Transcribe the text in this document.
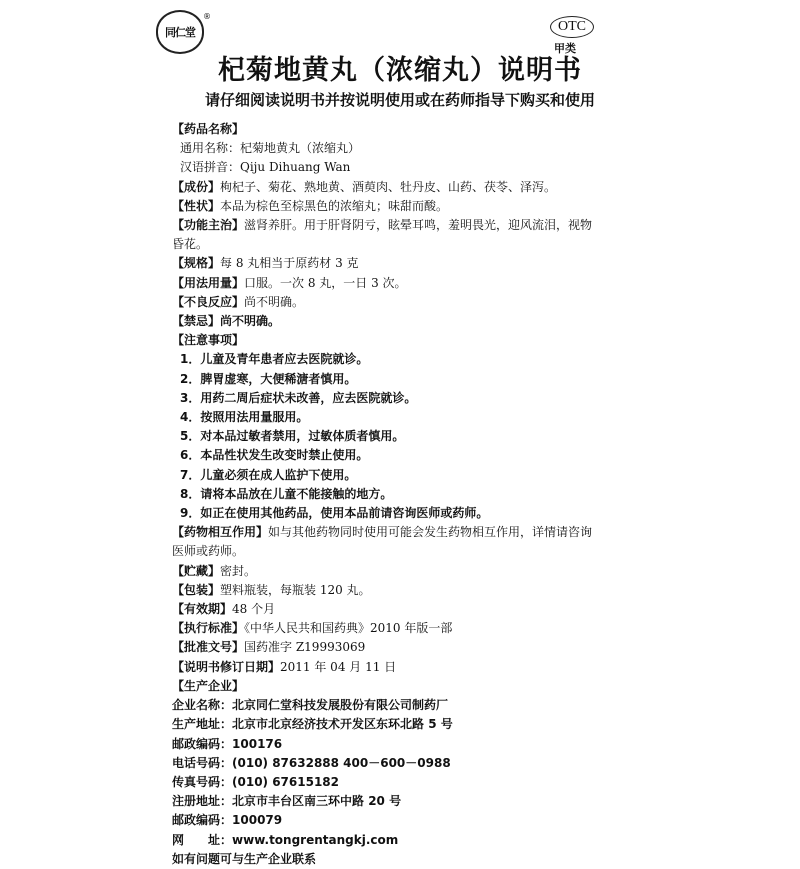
同仁堂
®
OTC
甲类
杞菊地黄丸（浓缩丸）说明书
请仔细阅读说明书并按说明使用或在药师指导下购买和使用
【药品名称】
通用名称：杞菊地黄丸（浓缩丸）
汉语拼音：Qiju Dihuang Wan
【成份】枸杞子、菊花、熟地黄、酒萸肉、牡丹皮、山药、茯苓、泽泻。
【性状】本品为棕色至棕黑色的浓缩丸；味甜而酸。
【功能主治】滋肾养肝。用于肝肾阴亏，眩晕耳鸣，羞明畏光，迎风流泪，视物
昏花。
【规格】每 8 丸相当于原药材 3 克
【用法用量】口服。一次 8 丸，一日 3 次。
【不良反应】尚不明确。
【禁忌】尚不明确。
【注意事项】
1．儿童及青年患者应去医院就诊。
2．脾胃虚寒，大便稀溏者慎用。
3．用药二周后症状未改善，应去医院就诊。
4．按照用法用量服用。
5．对本品过敏者禁用，过敏体质者慎用。
6．本品性状发生改变时禁止使用。
7．儿童必须在成人监护下使用。
8．请将本品放在儿童不能接触的地方。
9．如正在使用其他药品，使用本品前请咨询医师或药师。
【药物相互作用】如与其他药物同时使用可能会发生药物相互作用，详情请咨询
医师或药师。
【贮藏】密封。
【包装】塑料瓶装，每瓶装 120 丸。
【有效期】48 个月
【执行标准】《中华人民共和国药典》2010 年版一部
【批准文号】国药准字 Z19993069
【说明书修订日期】2011 年 04 月 11 日
【生产企业】
企业名称：北京同仁堂科技发展股份有限公司制药厂
生产地址：北京市北京经济技术开发区东环北路 5 号
邮政编码：100176
电话号码：(010) 87632888 400－600－0988
传真号码：(010) 67615182
注册地址：北京市丰台区南三环中路 20 号
邮政编码：100079
网　　址：www.tongrentangkj.com
如有问题可与生产企业联系
